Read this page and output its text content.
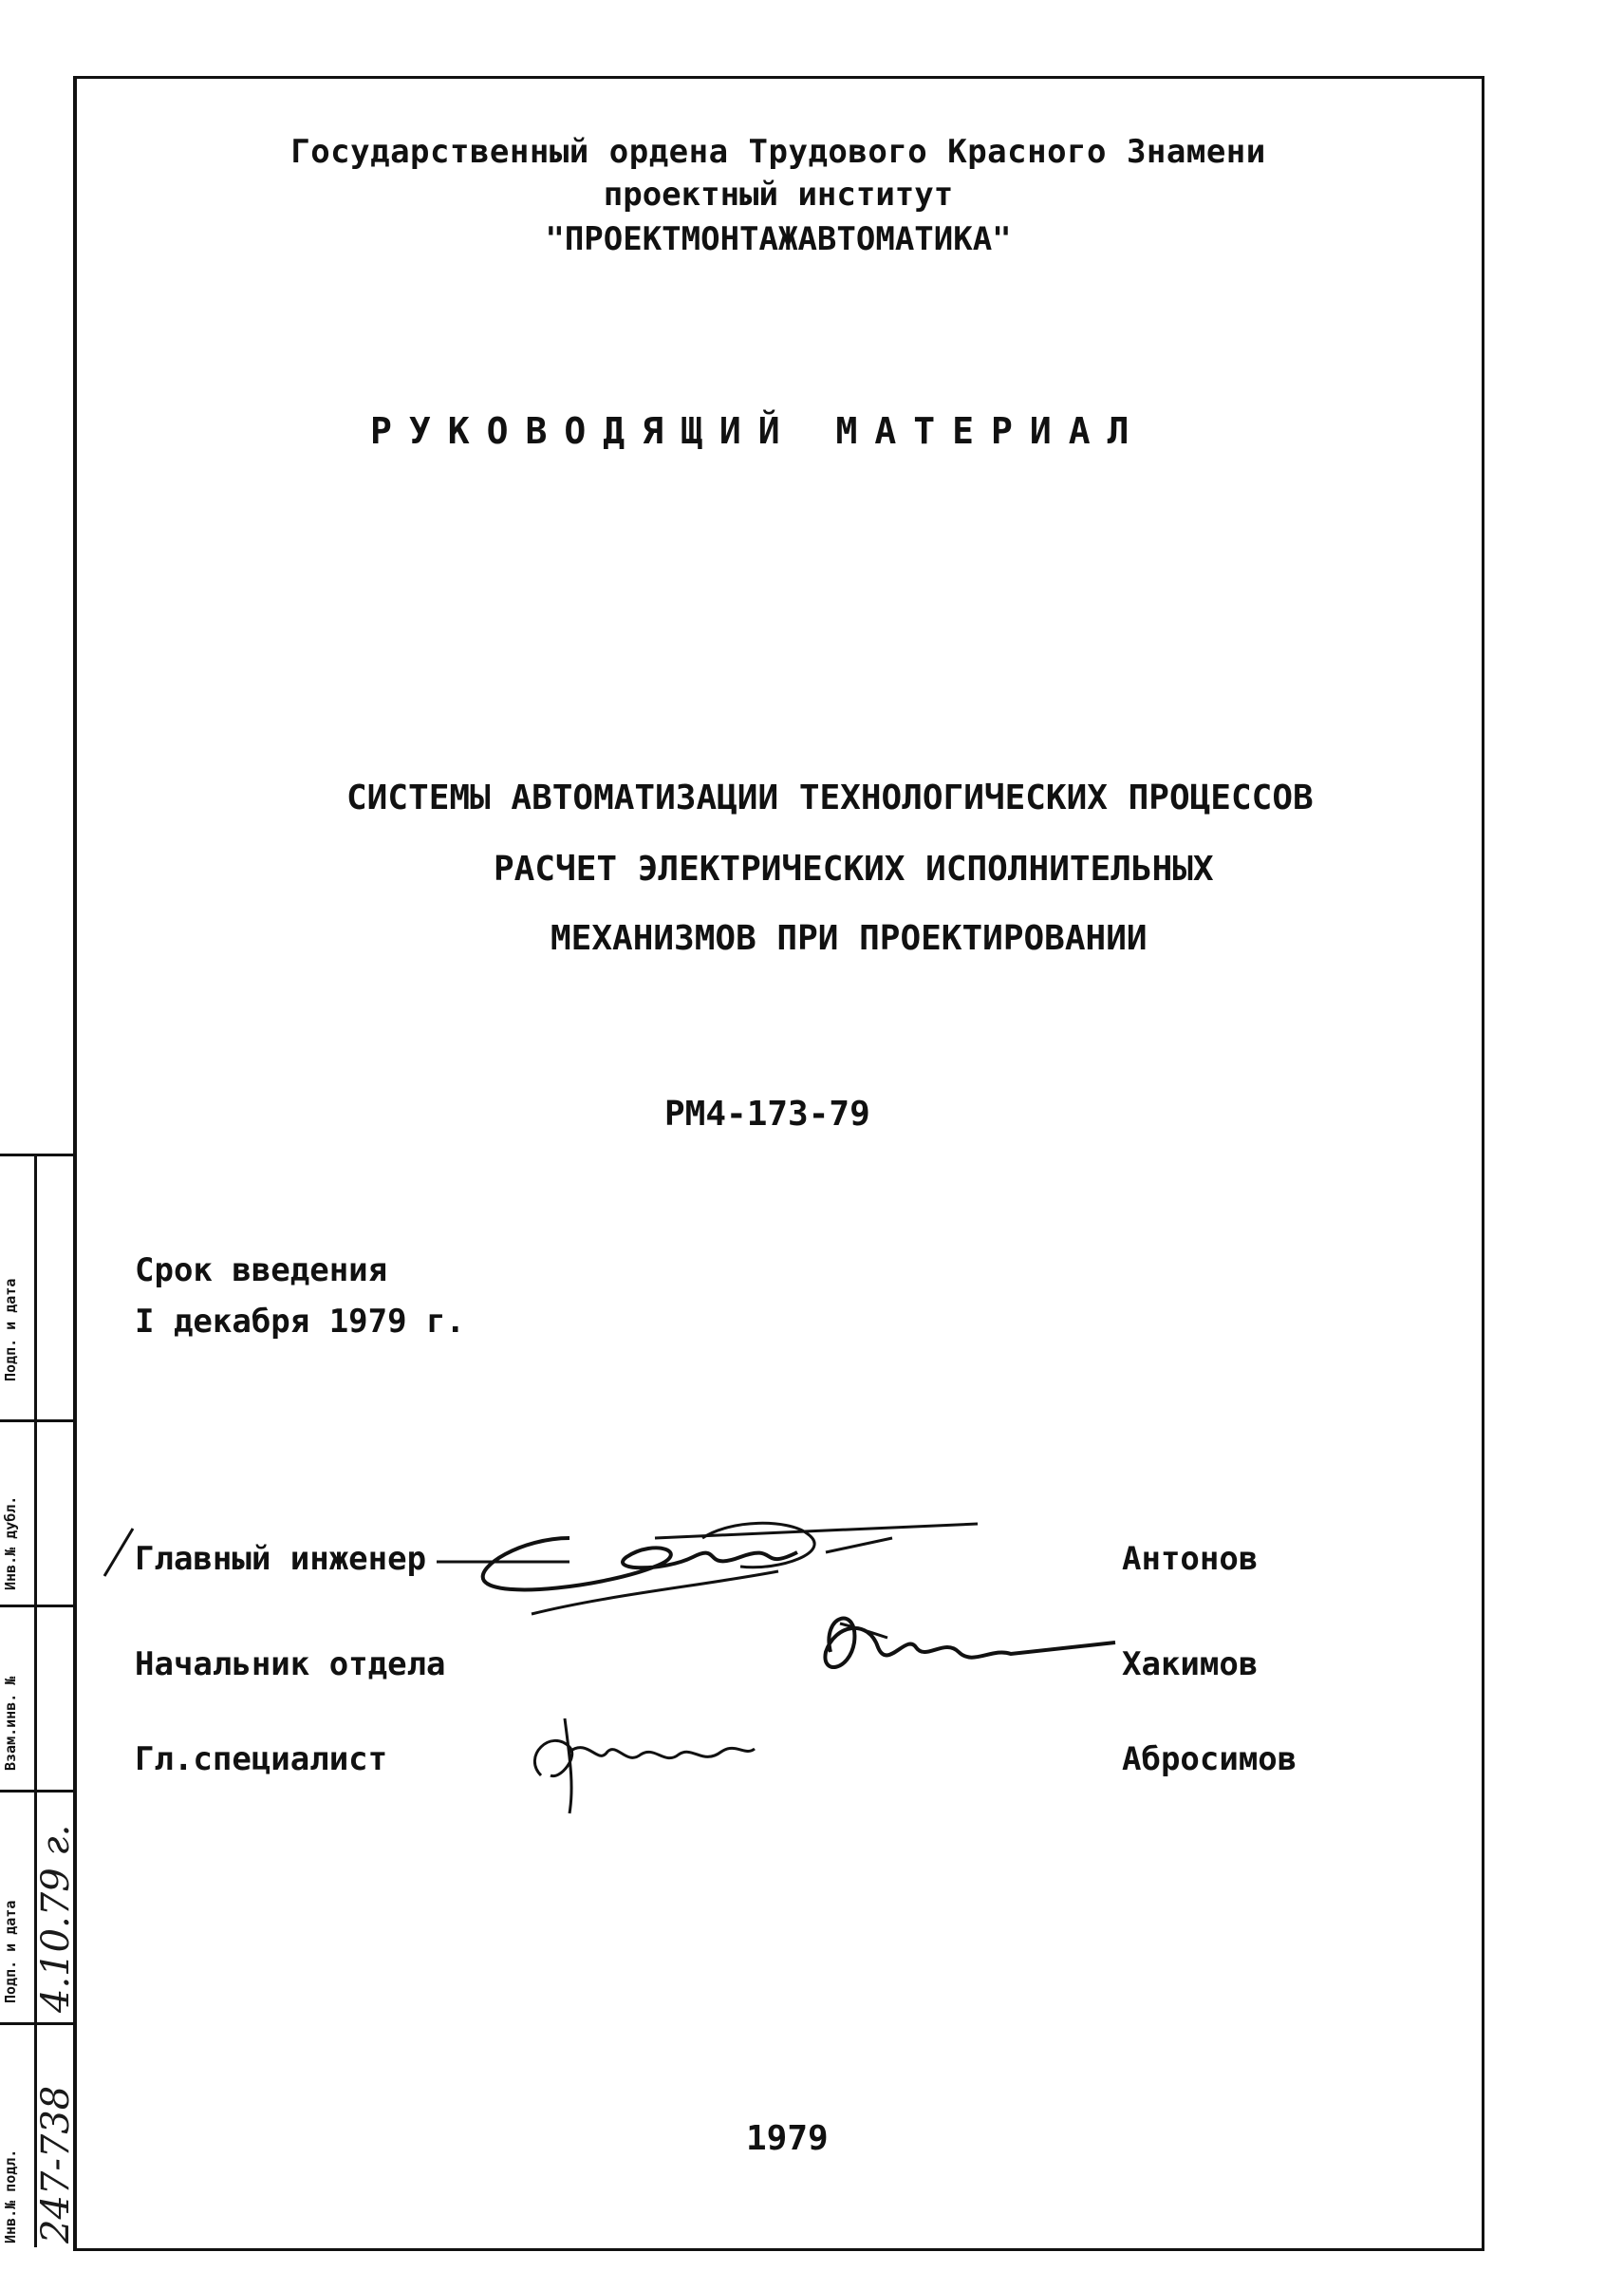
Государственный ордена Трудового Красного Знамени
проектный институт
"ПРОЕКТМОНТАЖАВТОМАТИКА"
РУКОВОДЯЩИЙ МАТЕРИАЛ
СИСТЕМЫ АВТОМАТИЗАЦИИ ТЕХНОЛОГИЧЕСКИХ ПРОЦЕССОВ
РАСЧЕТ ЭЛЕКТРИЧЕСКИХ ИСПОЛНИТЕЛЬНЫХ
МЕХАНИЗМОВ ПРИ ПРОЕКТИРОВАНИИ
РМ4-173-79
Срок введения
I декабря 1979 г.
Главный инженер	Антонов
Начальник отдела	Хакимов
Гл.специалист	Абросимов
1979
Подп. и дата
Инв.№ дубл.
Взам.инв. №
Подп. и дата
Инв.№ подл.
4.10.79 г.
247-738
